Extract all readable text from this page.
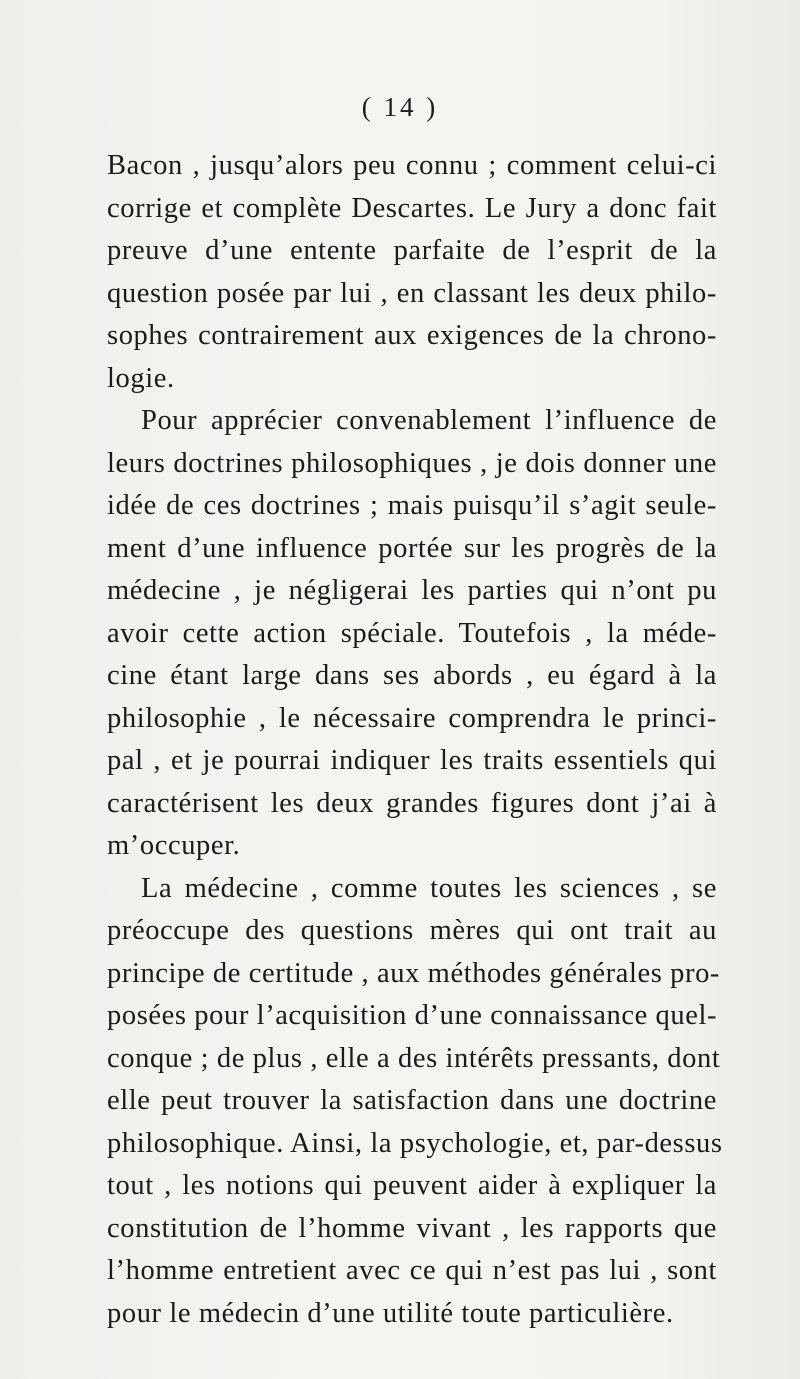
( 14 )
Bacon , jusqu’alors peu connu ; comment celui-ci
corrige et complète Descartes. Le Jury a donc fait
preuve d’une entente parfaite de l’esprit de la
question posée par lui , en classant les deux philo-
sophes contrairement aux exigences de la chrono-
logie.
Pour apprécier convenablement l’influence de
leurs doctrines philosophiques , je dois donner une
idée de ces doctrines ; mais puisqu’il s’agit seule-
ment d’une influence portée sur les progrès de la
médecine , je négligerai les parties qui n’ont pu
avoir cette action spéciale. Toutefois , la méde-
cine étant large dans ses abords , eu égard à la
philosophie , le nécessaire comprendra le princi-
pal , et je pourrai indiquer les traits essentiels qui
caractérisent les deux grandes figures dont j’ai à
m’occuper.
La médecine , comme toutes les sciences , se
préoccupe des questions mères qui ont trait au
principe de certitude , aux méthodes générales pro-
posées pour l’acquisition d’une connaissance quel-
conque ; de plus , elle a des intérêts pressants, dont
elle peut trouver la satisfaction dans une doctrine
philosophique. Ainsi, la psychologie, et, par-dessus
tout , les notions qui peuvent aider à expliquer la
constitution de l’homme vivant , les rapports que
l’homme entretient avec ce qui n’est pas lui , sont
pour le médecin d’une utilité toute particulière.
